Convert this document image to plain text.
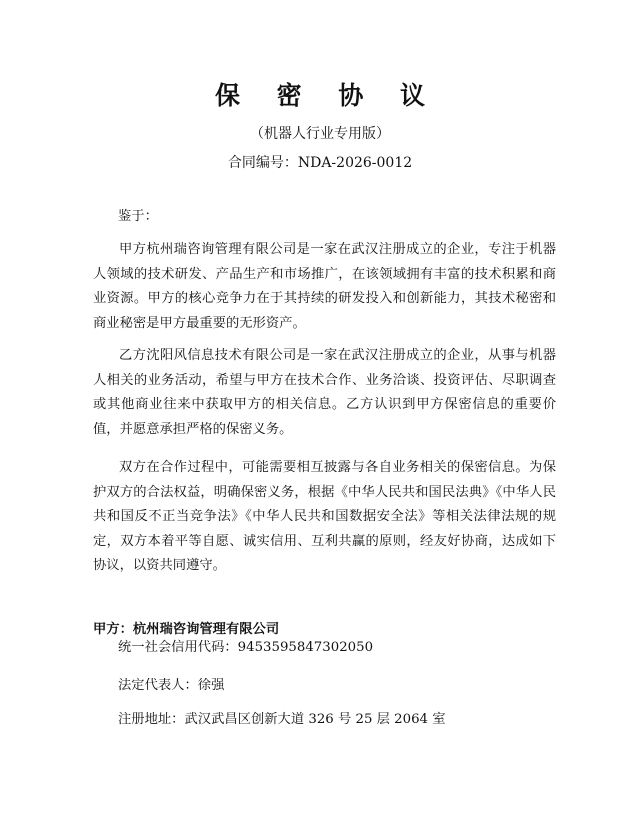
保 密 协 议
（机器人行业专用版）
合同编号：NDA-2026-0012
鉴于：

甲方杭州瑞咨询管理有限公司是一家在武汉注册成立的企业，专注于机器人领域的技术研发、产品生产和市场推广，在该领域拥有丰富的技术积累和商业资源。甲方的核心竞争力在于其持续的研发投入和创新能力，其技术秘密和商业秘密是甲方最重要的无形资产。

乙方沈阳风信息技术有限公司是一家在武汉注册成立的企业，从事与机器人相关的业务活动，希望与甲方在技术合作、业务洽谈、投资评估、尽职调查或其他商业往来中获取甲方的相关信息。乙方认识到甲方保密信息的重要价值，并愿意承担严格的保密义务。

双方在合作过程中，可能需要相互披露与各自业务相关的保密信息。为保护双方的合法权益，明确保密义务，根据《中华人民共和国民法典》《中华人民共和国反不正当竞争法》《中华人民共和国数据安全法》等相关法律法规的规定，双方本着平等自愿、诚实信用、互利共赢的原则，经友好协商，达成如下协议，以资共同遵守。

甲方：杭州瑞咨询管理有限公司
统一社会信用代码：9453595847302050
法定代表人：徐强
注册地址：武汉武昌区创新大道 326 号 25 层 2064 室
